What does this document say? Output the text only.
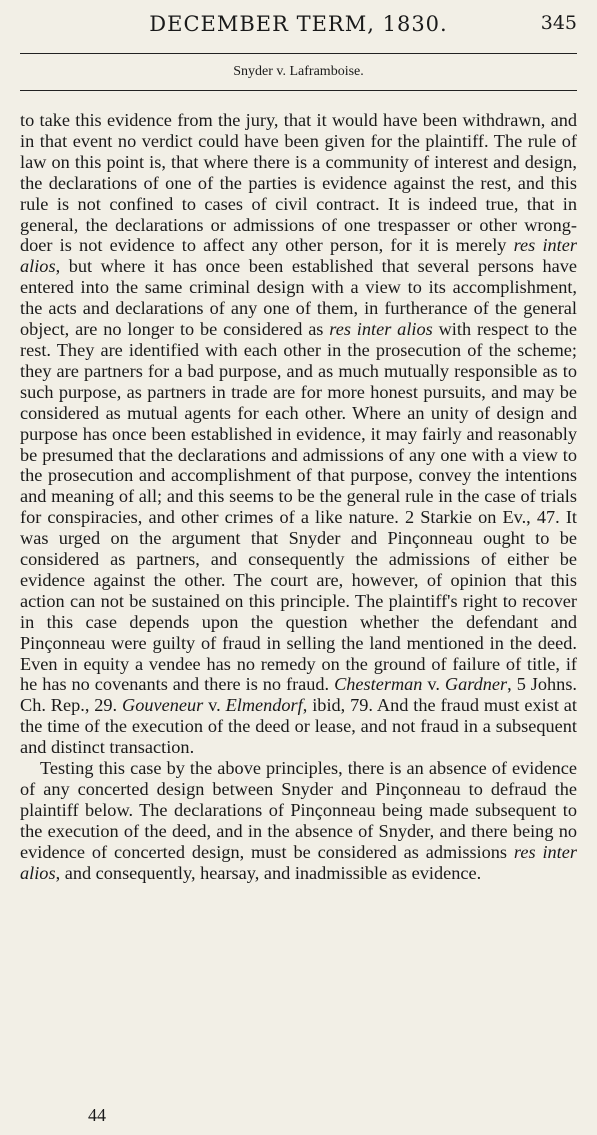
DECEMBER TERM, 1830.	345
Snyder v. Laframboise.

to take this evidence from the jury, that it would have been withdrawn, and in that event no verdict could have been given for the plaintiff. The rule of law on this point is, that where there is a community of interest and design, the declarations of one of the parties is evidence against the rest, and this rule is not confined to cases of civil contract. It is indeed true, that in general, the declarations or admissions of one trespasser or other wrong-doer is not evidence to affect any other person, for it is merely res inter alios, but where it has once been established that several persons have entered into the same criminal design with a view to its accomplishment, the acts and declarations of any one of them, in furtherance of the general object, are no longer to be considered as res inter alios with respect to the rest. They are identified with each other in the prosecution of the scheme; they are partners for a bad purpose, and as much mutually responsible as to such purpose, as partners in trade are for more honest pursuits, and may be considered as mutual agents for each other. Where an unity of design and purpose has once been established in evidence, it may fairly and reasonably be presumed that the declarations and admissions of any one with a view to the prosecution and accomplishment of that purpose, convey the intentions and meaning of all; and this seems to be the general rule in the case of trials for conspiracies, and other crimes of a like nature. 2 Starkie on Ev., 47. It was urged on the argument that Snyder and Pinçonneau ought to be considered as partners, and consequently the admissions of either be evidence against the other. The court are, however, of opinion that this action can not be sustained on this principle. The plaintiff's right to recover in this case depends upon the question whether the defendant and Pinçonneau were guilty of fraud in selling the land mentioned in the deed. Even in equity a vendee has no remedy on the ground of failure of title, if he has no covenants and there is no fraud. Chesterman v. Gardner, 5 Johns. Ch. Rep., 29. Gouveneur v. Elmendorf, ibid, 79. And the fraud must exist at the time of the execution of the deed or lease, and not fraud in a subsequent and distinct transaction.

Testing this case by the above principles, there is an absence of evidence of any concerted design between Snyder and Pinçonneau to defraud the plaintiff below. The declarations of Pinçonneau being made subsequent to the execution of the deed, and in the absence of Snyder, and there being no evidence of concerted design, must be considered as admissions res inter alios, and consequently, hearsay, and inadmissible as evidence.

44
